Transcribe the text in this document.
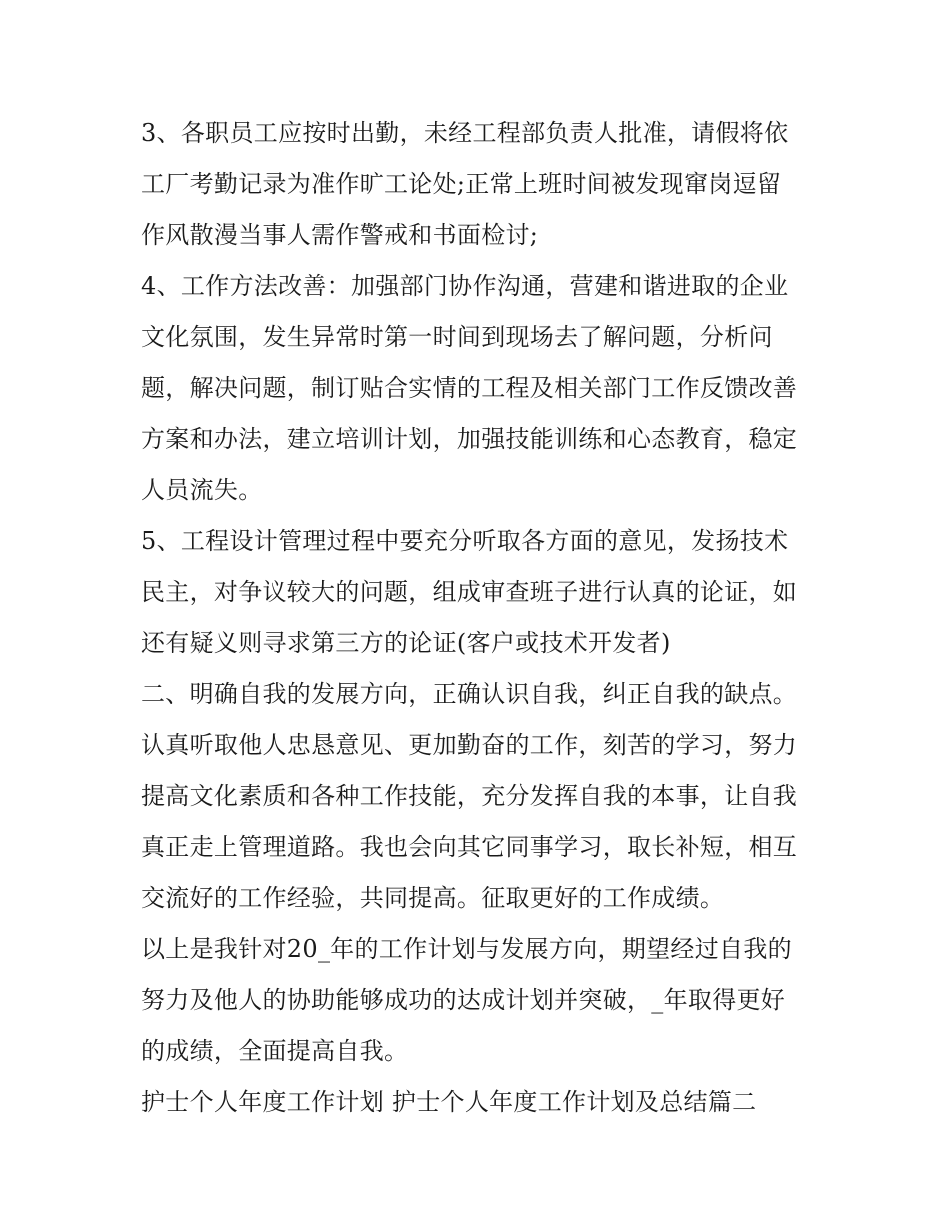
3、各职员工应按时出勤，未经工程部负责人批准，请假将依
工厂考勤记录为准作旷工论处;正常上班时间被发现窜岗逗留
作风散漫当事人需作警戒和书面检讨;
4、工作方法改善：加强部门协作沟通，营建和谐进取的企业
文化氛围，发生异常时第一时间到现场去了解问题，分析问
题，解决问题，制订贴合实情的工程及相关部门工作反馈改善
方案和办法，建立培训计划，加强技能训练和心态教育，稳定
人员流失。
5、工程设计管理过程中要充分听取各方面的意见，发扬技术
民主，对争议较大的问题，组成审查班子进行认真的论证，如
还有疑义则寻求第三方的论证(客户或技术开发者)
二、明确自我的发展方向，正确认识自我，纠正自我的缺点。
认真听取他人忠恳意见、更加勤奋的工作，刻苦的学习，努力
提高文化素质和各种工作技能，充分发挥自我的本事，让自我
真正走上管理道路。我也会向其它同事学习，取长补短，相互
交流好的工作经验，共同提高。征取更好的工作成绩。
以上是我针对20_年的工作计划与发展方向，期望经过自我的
努力及他人的协助能够成功的达成计划并突破，_年取得更好
的成绩，全面提高自我。
护士个人年度工作计划 护士个人年度工作计划及总结篇二
